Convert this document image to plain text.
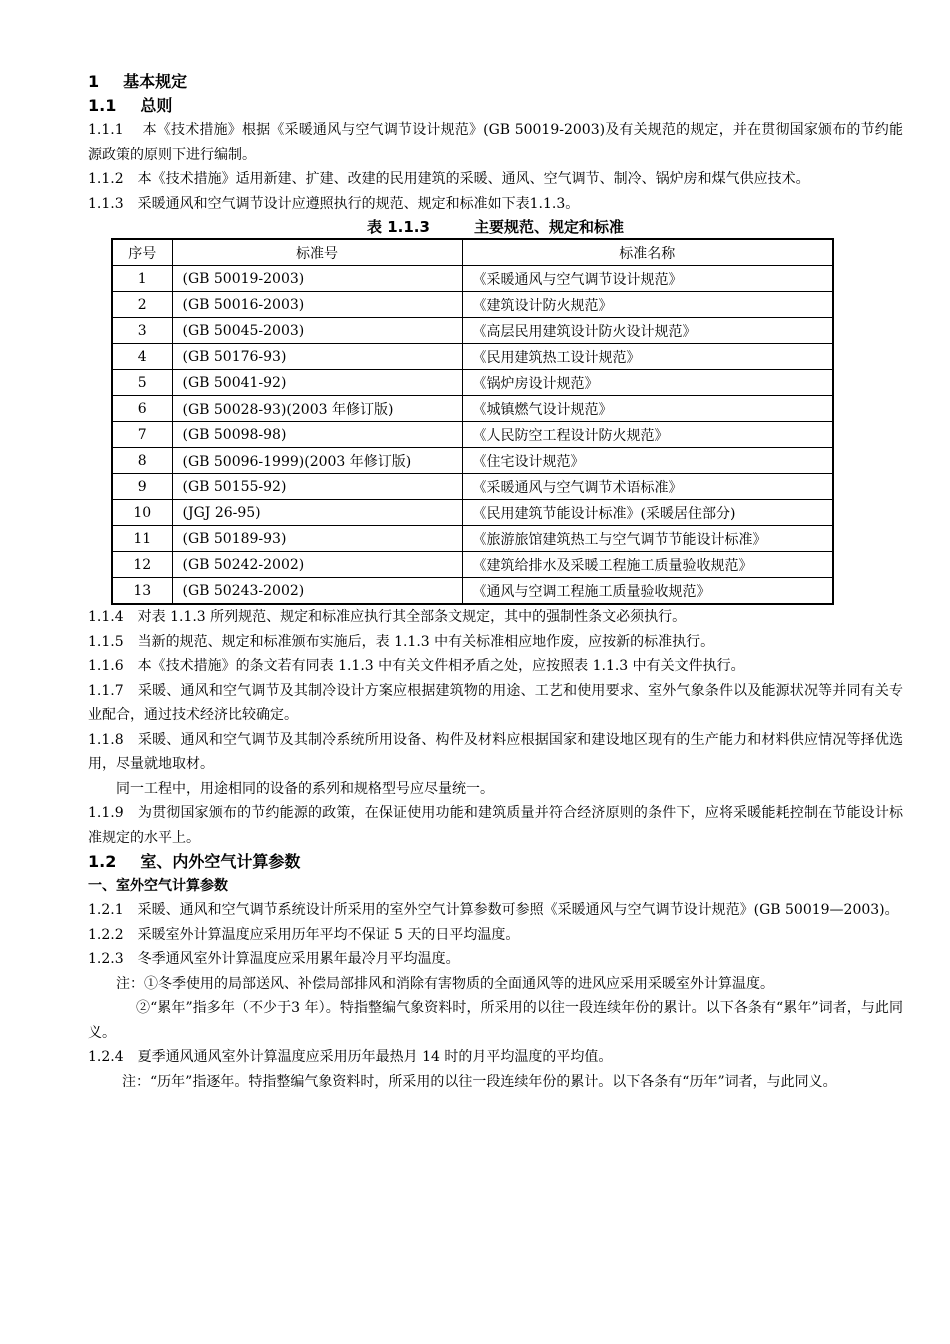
1 基本规定
1.1 总则

1.1.1　 本《技术措施》根据《采暖通风与空气调节设计规范》(GB 50019-2003)及有关规范的规定，并在贯彻国家颁布的节约能源政策的原则下进行编制。

1.1.2　本《技术措施》适用新建、扩建、改建的民用建筑的采暖、通风、空气调节、制冷、锅炉房和煤气供应技术。

1.1.3　采暖通风和空气调节设计应遵照执行的规范、规定和标准如下表1.1.3。

表 1.1.3	主要规范、规定和标准
序号	标准号	标准名称
1	(GB 50019-2003)	《采暖通风与空气调节设计规范》
2	(GB 50016-2003)	《建筑设计防火规范》
3	(GB 50045-2003)	《高层民用建筑设计防火设计规范》
4	(GB 50176-93)	《民用建筑热工设计规范》
5	(GB 50041-92)	《锅炉房设计规范》
6	(GB 50028-93)(2003 年修订版)	《城镇燃气设计规范》
7	(GB 50098-98)	《人民防空工程设计防火规范》
8	(GB 50096-1999)(2003 年修订版)	《住宅设计规范》
9	(GB 50155-92)	《采暖通风与空气调节术语标准》
10	(JGJ 26-95)	《民用建筑节能设计标准》(采暖居住部分)
11	(GB 50189-93)	《旅游旅馆建筑热工与空气调节节能设计标准》
12	(GB 50242-2002)	《建筑给排水及采暖工程施工质量验收规范》
13	(GB 50243-2002)	《通风与空调工程施工质量验收规范》

1.1.4　对表 1.1.3 所列规范、规定和标准应执行其全部条文规定，其中的强制性条文必须执行。

1.1.5　当新的规范、规定和标准颁布实施后，表 1.1.3 中有关标准相应地作废，应按新的标准执行。

1.1.6　本《技术措施》的条文若有同表 1.1.3 中有关文件相矛盾之处，应按照表 1.1.3 中有关文件执行。

1.1.7　采暖、通风和空气调节及其制冷设计方案应根据建筑物的用途、工艺和使用要求、室外气象条件以及能源状况等并同有关专业配合，通过技术经济比较确定。

1.1.8　采暖、通风和空气调节及其制冷系统所用设备、构件及材料应根据国家和建设地区现有的生产能力和材料供应情况等择优选用，尽量就地取材。

同一工程中，用途相同的设备的系列和规格型号应尽量统一。

1.1.9　为贯彻国家颁布的节约能源的政策，在保证使用功能和建筑质量并符合经济原则的条件下，应将采暖能耗控制在节能设计标准规定的水平上。

1.2 室、内外空气计算参数
一、室外空气计算参数

1.2.1　采暖、通风和空气调节系统设计所采用的室外空气计算参数可参照《采暖通风与空气调节设计规范》(GB 50019—2003)。

1.2.2　采暖室外计算温度应采用历年平均不保证 5 天的日平均温度。

1.2.3　冬季通风室外计算温度应采用累年最冷月平均温度。

注：①冬季使用的局部送风、补偿局部排风和消除有害物质的全面通风等的进风应采用采暖室外计算温度。

②“累年”指多年（不少于3 年）。特指整编气象资料时，所采用的以往一段连续年份的累计。以下各条有“累年”词者，与此同义。

1.2.4　夏季通风通风室外计算温度应采用历年最热月 14 时的月平均温度的平均值。

注：“历年”指逐年。特指整编气象资料时，所采用的以往一段连续年份的累计。以下各条有“历年”词者，与此同义。
